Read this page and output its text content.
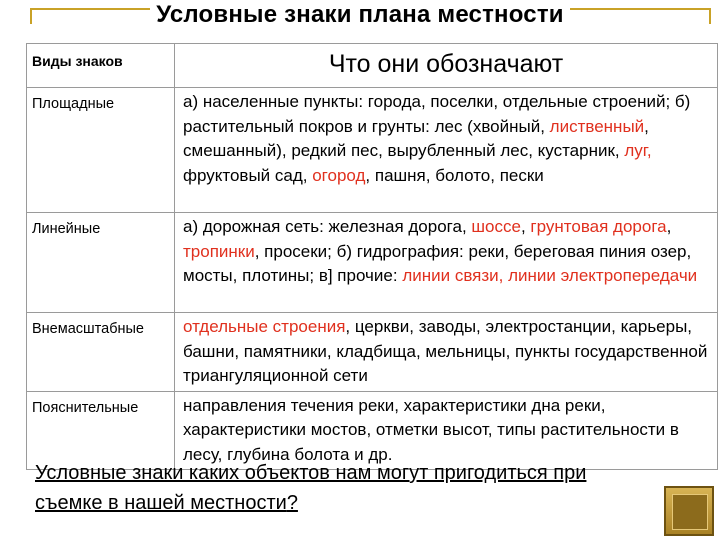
Условные знаки плана местности
Виды знаков	Что они обозначают
Площадные	а) населенные пункты: города, поселки, отдельные строений; б) растительный покров и грунты: лес (хвойный, лиственный, смешанный), редкий пес, вырубленный лес, кустарник, луг, фруктовый сад, огород, пашня, болото, пески
Линейные	а) дорожная сеть: железная дорога, шоссе, грунтовая дорога, тропинки, просеки; б) гидрография: реки, береговая пиния озер, мосты, плотины; в] прочие: линии связи, линии электропередачи
Внемасштабные	отдельные строения, церкви, заводы, электростанции, карьеры, башни, памятники, кладбища, мельницы, пункты государственной триангуляционной сети
Пояснительные	направления течения реки, характеристики дна реки, характеристики мостов, отметки высот, типы растительности в лесу, глубина болота и др.
Условные знаки каких объектов нам могут пригодиться при съемке в нашей местности?
